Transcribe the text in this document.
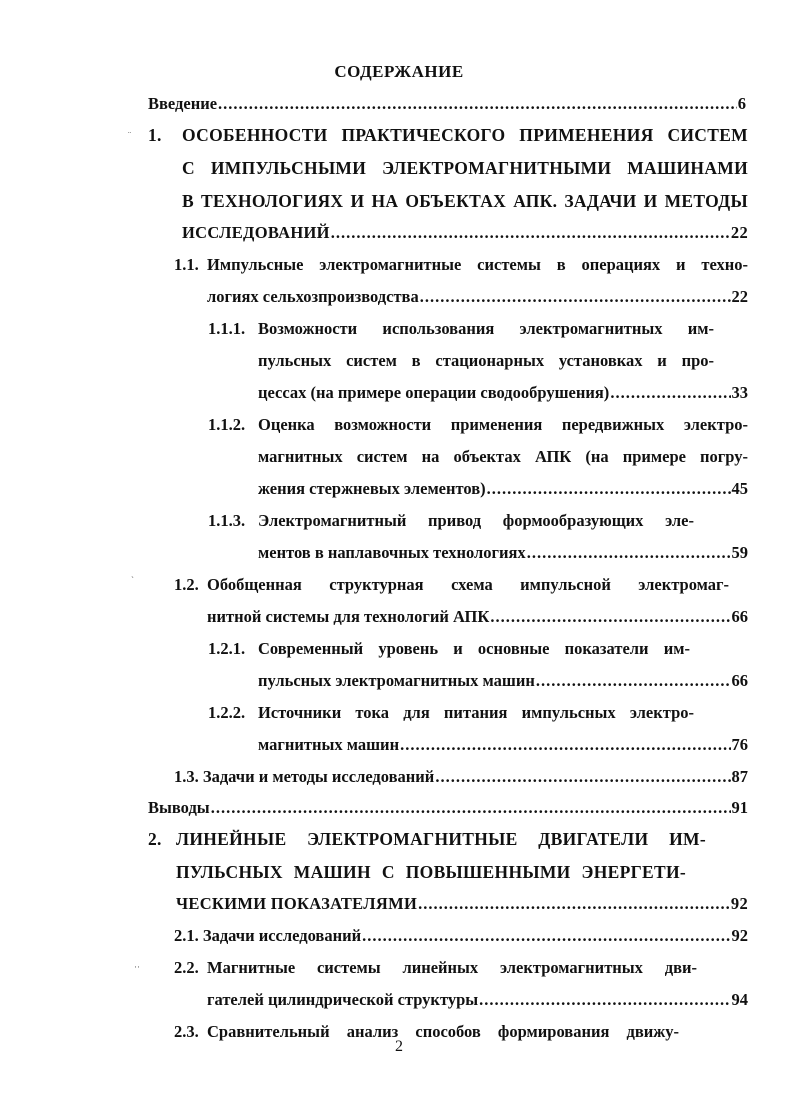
СОДЕРЖАНИЕ
Введение .....	6
¨ 1. ОСОБЕННОСТИ ПРАКТИЧЕСКОГО ПРИМЕНЕНИЯ СИСТЕМ
С ИМПУЛЬСНЫМИ ЭЛЕКТРОМАГНИТНЫМИ МАШИНАМИ
В ТЕХНОЛОГИЯХ И НА ОБЪЕКТАХ АПК. ЗАДАЧИ И МЕТОДЫ
ИССЛЕДОВАНИЙ .....	22
1.1. Импульсные электромагнитные системы в операциях и техно-
логиях сельхозпроизводства .....	22
1.1.1. Возможности использования электромагнитных им-
пульсных систем в стационарных установках и про-
цессах (на примере операции сводообрушения) .....	33
1.1.2. Оценка возможности применения передвижных электро-
магнитных систем на объектах АПК (на примере погру-
жения стержневых элементов) .....	45
1.1.3. Электромагнитный привод формообразующих эле-
ментов в наплавочных технологиях .....	59
ˋ 1.2. Обобщенная структурная схема импульсной электромаг-
нитной системы для технологий АПК .....	66
1.2.1. Современный уровень и основные показатели им-
пульсных электромагнитных машин .....	66
1.2.2. Источники тока для питания импульсных электро-
магнитных машин .....	76
1.3. Задачи и методы исследований .....	87
Выводы .....	91
2. ЛИНЕЙНЫЕ ЭЛЕКТРОМАГНИТНЫЕ ДВИГАТЕЛИ ИМ-
ПУЛЬСНЫХ МАШИН С ПОВЫШЕННЫМИ ЭНЕРГЕТИ-
ЧЕСКИМИ ПОКАЗАТЕЛЯМИ .....	92
2.1. Задачи исследований .....	92
·· 2.2. Магнитные системы линейных электромагнитных дви-
гателей цилиндрической структуры .....	94
2.3. Сравнительный анализ способов формирования движу-
2
